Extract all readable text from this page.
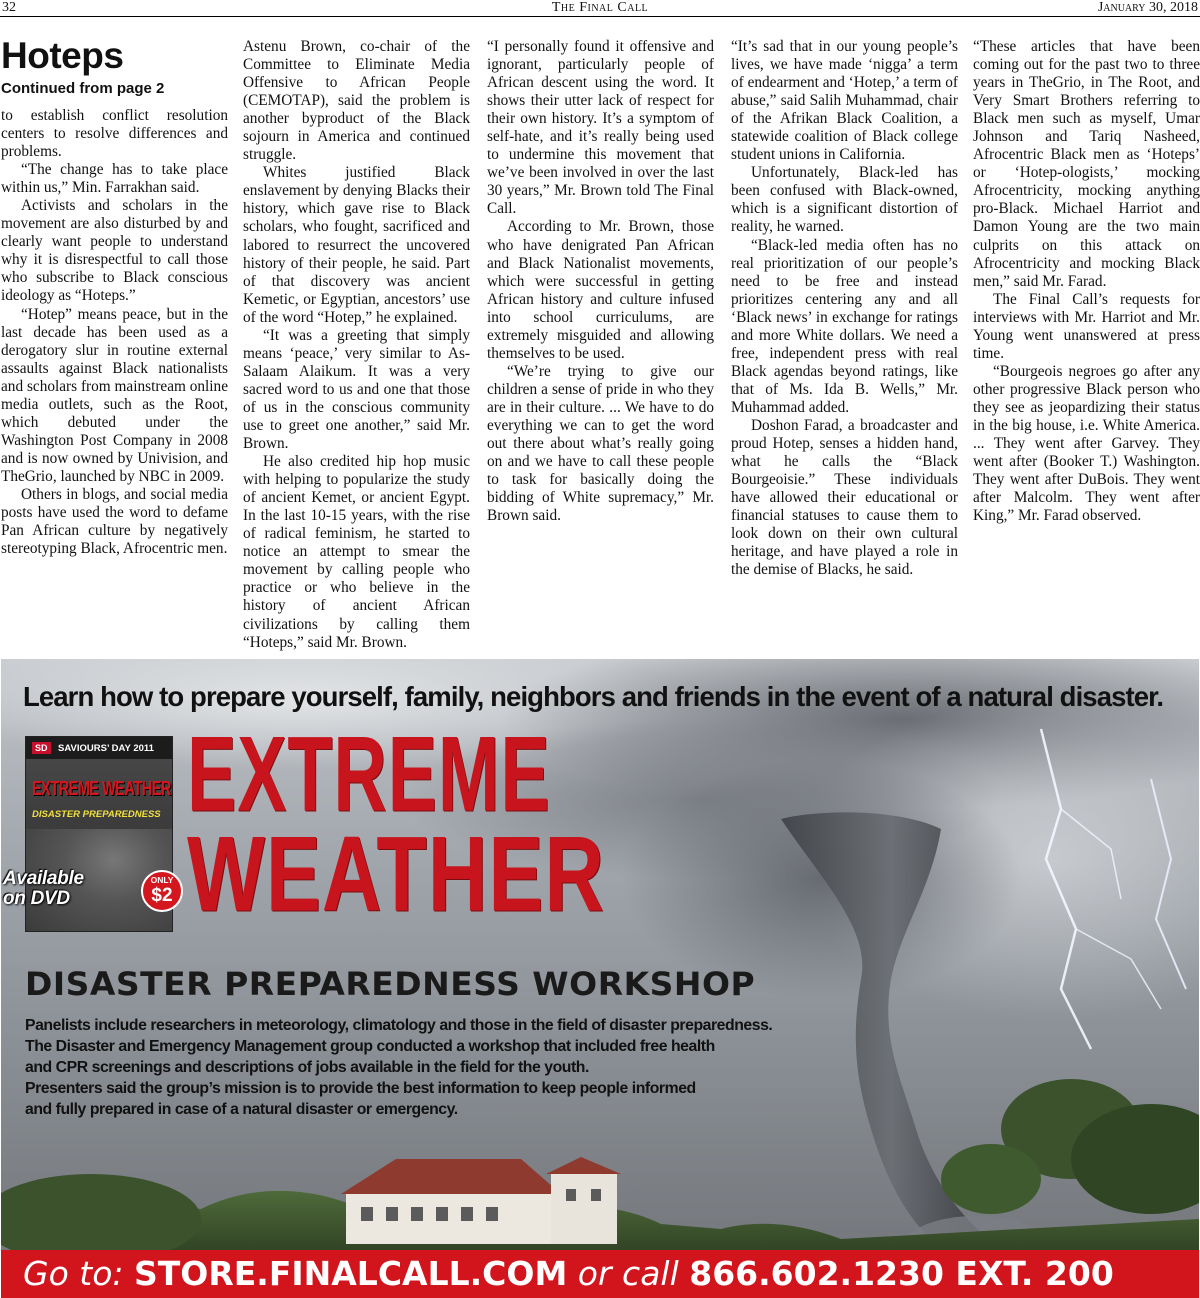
32	The Final Call	January 30, 2018
Hoteps
Continued from page 2

to establish conflict resolution centers to resolve differences and problems.

“The change has to take place within us,” Min. Farrakhan said.

Activists and scholars in the movement are also disturbed by and clearly want people to understand why it is disrespectful to call those who subscribe to Black conscious ideology as “Hoteps.”

“Hotep” means peace, but in the last decade has been used as a derogatory slur in routine external assaults against Black nationalists and scholars from mainstream online media outlets, such as the Root, which debuted under the Washington Post Company in 2008 and is now owned by Univision, and TheGrio, launched by NBC in 2009.

Others in blogs, and social media posts have used the word to defame Pan African culture by negatively stereotyping Black, Afrocentric men.

Astenu Brown, co-chair of the Committee to Eliminate Media Offensive to African People (CEMOTAP), said the problem is another byproduct of the Black sojourn in America and continued struggle.

Whites justified Black enslavement by denying Blacks their history, which gave rise to Black scholars, who fought, sacrificed and labored to resurrect the uncovered history of their people, he said. Part of that discovery was ancient Kemetic, or Egyptian, ancestors’ use of the word “Hotep,” he explained.

“It was a greeting that simply means ‘peace,’ very similar to As-Salaam Alaikum. It was a very sacred word to us and one that those of us in the conscious community use to greet one another,” said Mr. Brown.

He also credited hip hop music with helping to popularize the study of ancient Kemet, or ancient Egypt. In the last 10-15 years, with the rise of radical feminism, he started to notice an attempt to smear the movement by calling people who practice or who believe in the history of ancient African civilizations by calling them “Hoteps,” said Mr. Brown.

“I personally found it offensive and ignorant, particularly people of African descent using the word. It shows their utter lack of respect for their own history. It’s a symptom of self-hate, and it’s really being used to undermine this movement that we’ve been involved in over the last 30 years,” Mr. Brown told The Final Call.

According to Mr. Brown, those who have denigrated Pan African and Black Nationalist movements, which were successful in getting African history and culture infused into school curriculums, are extremely misguided and allowing themselves to be used.

“We’re trying to give our children a sense of pride in who they are in their culture. ... We have to do everything we can to get the word out there about what’s really going on and we have to call these people to task for basically doing the bidding of White supremacy,” Mr. Brown said.

“It’s sad that in our young people’s lives, we have made ‘nigga’ a term of endearment and ‘Hotep,’ a term of abuse,” said Salih Muhammad, chair of the Afrikan Black Coalition, a statewide coalition of Black college student unions in California.

Unfortunately, Black-led has been confused with Black-owned, which is a significant distortion of reality, he warned.

“Black-led media often has no real prioritization of our people’s need to be free and instead prioritizes centering any and all ‘Black news’ in exchange for ratings and more White dollars. We need a free, independent press with real Black agendas beyond ratings, like that of Ms. Ida B. Wells,” Mr. Muhammad added.

Doshon Farad, a broadcaster and proud Hotep, senses a hidden hand, what he calls the “Black Bourgeoisie.” These individuals have allowed their educational or financial statuses to cause them to look down on their own cultural heritage, and have played a role in the demise of Blacks, he said.

“These articles that have been coming out for the past two to three years in TheGrio, in The Root, and Very Smart Brothers referring to Black men such as myself, Umar Johnson and Tariq Nasheed, Afrocentric Black men as ‘Hoteps’ or ‘Hotep-ologists,’ mocking Afrocentricity, mocking anything pro-Black. Michael Harriot and Damon Young are the two main culprits on this attack on Afrocentricity and mocking Black men,” said Mr. Farad.

The Final Call’s requests for interviews with Mr. Harriot and Mr. Young went unanswered at press time.

“Bourgeois negroes go after any other progressive Black person who they see as jeopardizing their status in the big house, i.e. White America. ... They went after Garvey. They went after (Booker T.) Washington. They went after DuBois. They went after Malcolm. They went after King,” Mr. Farad observed.

Learn how to prepare yourself, family, neighbors and friends in the event of a natural disaster.
SD	SAVIOURS’ DAY 2011
EXTREME WEATHER
DISASTER PREPAREDNESS
Available
on DVD
ONLY
$2
EXTREME
WEATHER
DISASTER PREPAREDNESS WORKSHOP
Panelists include researchers in meteorology, climatology and those in the field of disaster preparedness.
The Disaster and Emergency Management group conducted a workshop that included free health
and CPR screenings and descriptions of jobs available in the field for the youth.
Presenters said the group’s mission is to provide the best information to keep people informed
and fully prepared in case of a natural disaster or emergency.
Go to: STORE.FINALCALL.COM or call 866.602.1230 EXT. 200
